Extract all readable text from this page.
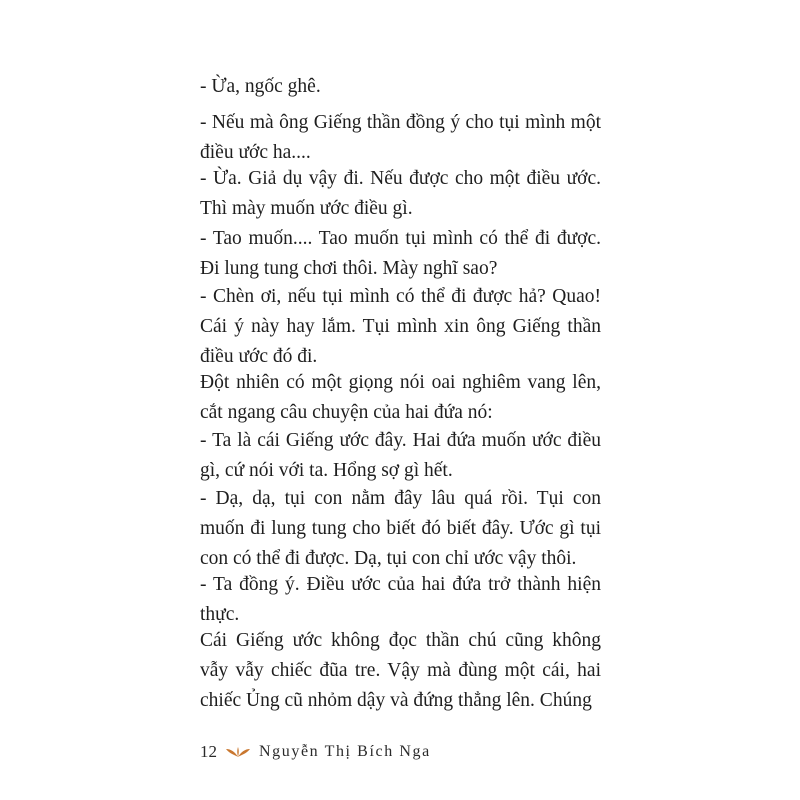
- Ừa, ngốc ghê.

- Nếu mà ông Giếng thần đồng ý cho tụi mình một điều ước ha....

- Ừa. Giả dụ vậy đi. Nếu được cho một điều ước. Thì mày muốn ước điều gì.

- Tao muốn.... Tao muốn tụi mình có thể đi được. Đi lung tung chơi thôi. Mày nghĩ sao?

- Chèn ơi, nếu tụi mình có thể đi được hả? Quao! Cái ý này hay lắm. Tụi mình xin ông Giếng thần điều ước đó đi.

Đột nhiên có một giọng nói oai nghiêm vang lên, cắt ngang câu chuyện của hai đứa nó:

- Ta là cái Giếng ước đây. Hai đứa muốn ước điều gì, cứ nói với ta. Hổng sợ gì hết.

- Dạ, dạ, tụi con nằm đây lâu quá rồi. Tụi con muốn đi lung tung cho biết đó biết đây. Ước gì tụi con có thể đi được. Dạ, tụi con chỉ ước vậy thôi.

- Ta đồng ý. Điều ước của hai đứa trở thành hiện thực.

Cái Giếng ước không đọc thần chú cũng không vẫy vẫy chiếc đũa tre. Vậy mà đùng một cái, hai chiếc Ủng cũ nhỏm dậy và đứng thẳng lên. Chúng

12	Nguyễn Thị Bích Nga
